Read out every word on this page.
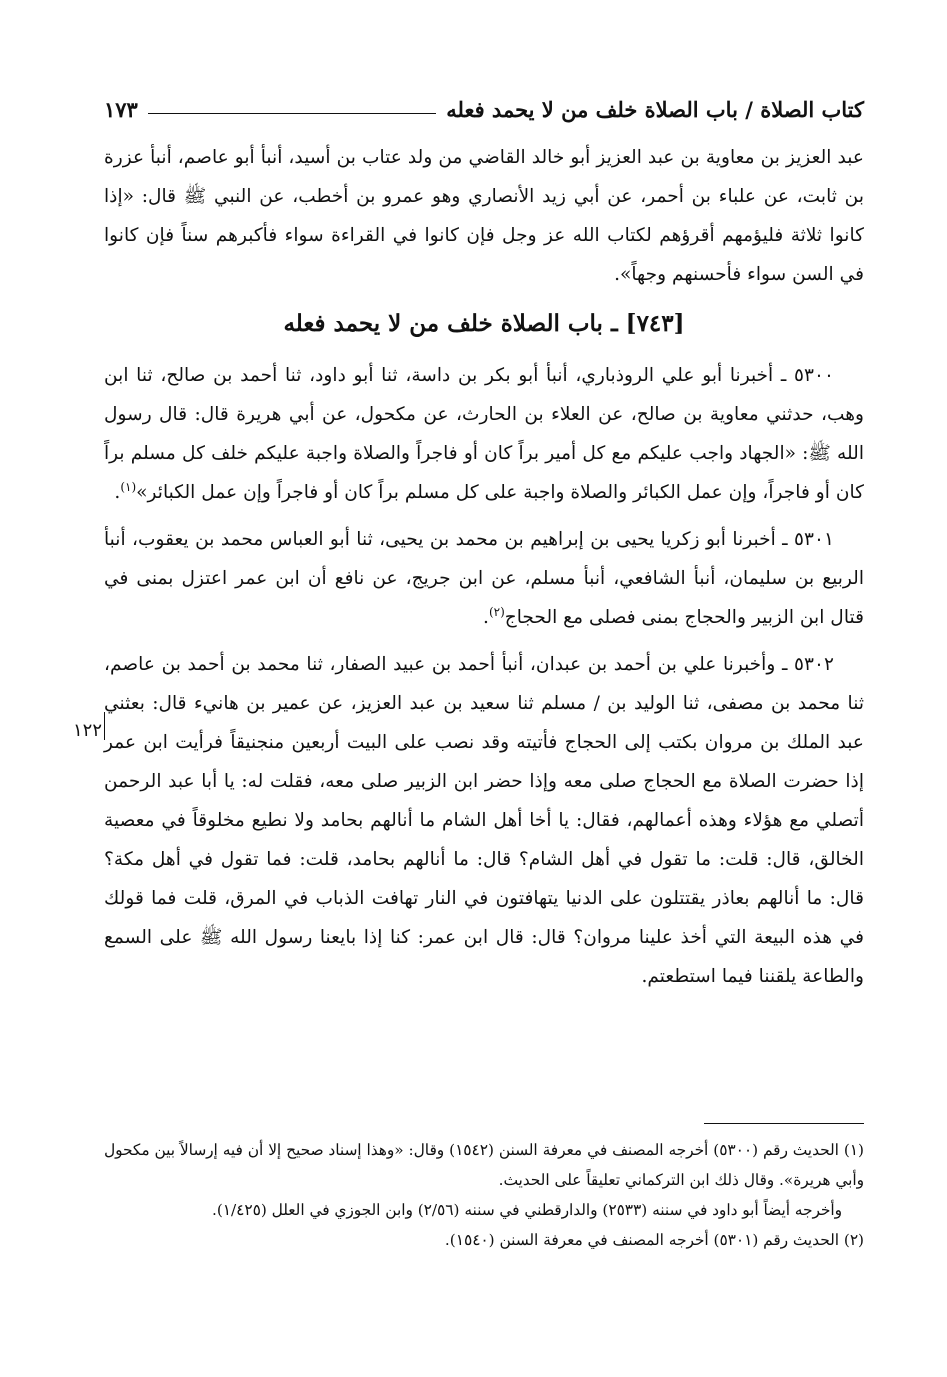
كتاب الصلاة / باب الصلاة خلف من لا يحمد فعله
١٧٣

عبد العزيز بن معاوية بن عبد العزيز أبو خالد القاضي من ولد عتاب بن أسيد، أنبأ أبو عاصم، أنبأ عزرة بن ثابت، عن علباء بن أحمر، عن أبي زيد الأنصاري وهو عمرو بن أخطب، عن النبي ﷺ قال: «إذا كانوا ثلاثة فليؤمهم أقرؤهم لكتاب الله عز وجل فإن كانوا في القراءة سواء فأكبرهم سناً فإن كانوا في السن سواء فأحسنهم وجهاً».

[٧٤٣] ـ باب الصلاة خلف من لا يحمد فعله

٥٣٠٠ ـ أخبرنا أبو علي الروذباري، أنبأ أبو بكر بن داسة، ثنا أبو داود، ثنا أحمد بن صالح، ثنا ابن وهب، حدثني معاوية بن صالح، عن العلاء بن الحارث، عن مكحول، عن أبي هريرة قال: قال رسول الله ﷺ: «الجهاد واجب عليكم مع كل أمير براً كان أو فاجراً والصلاة واجبة عليكم خلف كل مسلم براً كان أو فاجراً، وإن عمل الكبائر والصلاة واجبة على كل مسلم براً كان أو فاجراً وإن عمل الكبائر»$^{(١)}$.

٥٣٠١ ـ أخبرنا أبو زكريا يحيى بن إبراهيم بن محمد بن يحيى، ثنا أبو العباس محمد بن يعقوب، أنبأ الربيع بن سليمان، أنبأ الشافعي، أنبأ مسلم، عن ابن جريج، عن نافع أن ابن عمر اعتزل بمنى في قتال ابن الزبير والحجاج بمنى فصلى مع الحجاج$^{(٢)}$.

٥٣٠٢ ـ وأخبرنا علي بن أحمد بن عبدان، أنبأ أحمد بن عبيد الصفار، ثنا محمد بن أحمد بن عاصم، ثنا محمد بن مصفى، ثنا الوليد بن / مسلم ثنا سعيد بن عبد العزيز، عن عمير بن هانيء قال: بعثني عبد الملك بن مروان بكتب إلى الحجاج فأتيته وقد نصب على البيت أربعين منجنيقاً فرأيت ابن عمر إذا حضرت الصلاة مع الحجاج صلى معه وإذا حضر ابن الزبير صلى معه، فقلت له: يا أبا عبد الرحمن أتصلي مع هؤلاء وهذه أعمالهم، فقال: يا أخا أهل الشام ما أنالهم بحامد ولا نطيع مخلوقاً في معصية الخالق، قال: قلت: ما تقول في أهل الشام؟ قال: ما أنالهم بحامد، قلت: فما تقول في أهل مكة؟ قال: ما أنالهم بعاذر يقتتلون على الدنيا يتهافتون في النار تهافت الذباب في المرق، قلت فما قولك في هذه البيعة التي أخذ علينا مروان؟ قال: قال ابن عمر: كنا إذا بايعنا رسول الله ﷺ على السمع والطاعة يلقننا فيما استطعتم.

١٢٢

(١) الحديث رقم (٥٣٠٠) أخرجه المصنف في معرفة السنن (١٥٤٢) وقال: «وهذا إسناد صحيح إلا أن فيه إرسالاً بين مكحول وأبي هريرة». وقال ذلك ابن التركماني تعليقاً على الحديث.

وأخرجه أيضاً أبو داود في سننه (٢٥٣٣) والدارقطني في سننه (٢/٥٦) وابن الجوزي في العلل (١/٤٢٥).

(٢) الحديث رقم (٥٣٠١) أخرجه المصنف في معرفة السنن (١٥٤٠).
